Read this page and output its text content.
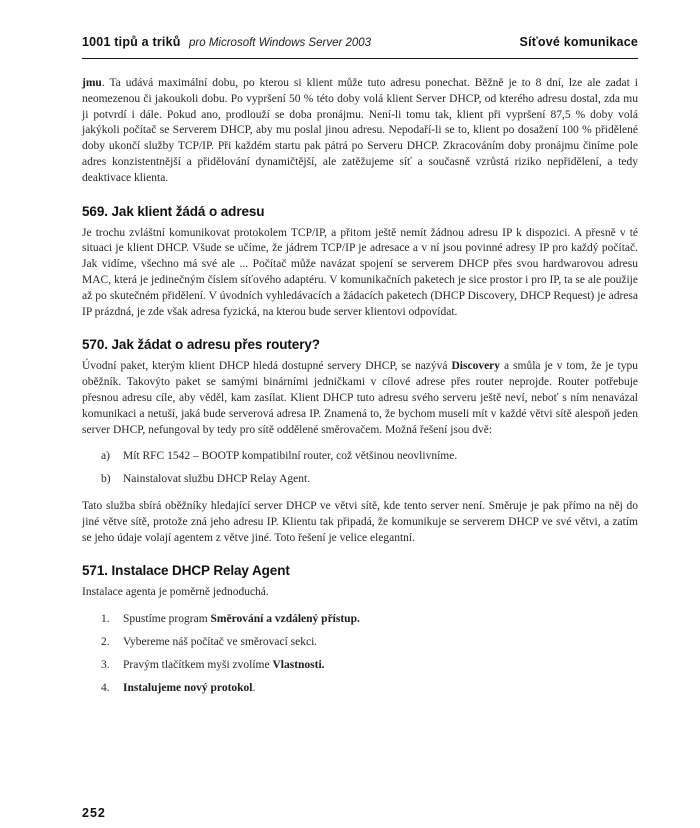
1001 tipů a triků pro Microsoft Windows Server 2003	Síťové komunikace

jmu. Ta udává maximální dobu, po kterou si klient může tuto adresu ponechat. Běžně je to 8 dní, lze ale zadat i neomezenou či jakoukoli dobu. Po vypršení 50 % této doby volá klient Server DHCP, od kterého adresu dostal, zda mu ji potvrdí i dále. Pokud ano, prodlouží se doba pronájmu. Není-li tomu tak, klient při vypršení 87,5 % doby volá jakýkoli počítač se Serverem DHCP, aby mu poslal jinou adresu. Nepodaří-li se to, klient po dosažení 100 % přidělené doby ukončí služby TCP/IP. Při každém startu pak pátrá po Serveru DHCP. Zkracováním doby pronájmu činíme pole adres konzistentnější a přidělování dynamičtější, ale zatěžujeme síť a současně vzrůstá riziko nepřidělení, a tedy deaktivace klienta.

569. Jak klient žádá o adresu

Je trochu zvláštní komunikovat protokolem TCP/IP, a přitom ještě nemít žádnou adresu IP k dispozici. A přesně v té situaci je klient DHCP. Všude se učíme, že jádrem TCP/IP je adresace a v ní jsou povinné adresy IP pro každý počítač. Jak vidíme, všechno má své ale ... Počítač může navázat spojení se serverem DHCP přes svou hardwarovou adresu MAC, která je jedinečným číslem síťového adaptéru. V komunikačních paketech je sice prostor i pro IP, ta se ale použije až po skutečném přidělení. V úvodních vyhledávacích a žádacích paketech (DHCP Discovery, DHCP Request) je adresa IP prázdná, je zde však adresa fyzická, na kterou bude server klientovi odpovídat.

570. Jak žádat o adresu přes routery?

Úvodní paket, kterým klient DHCP hledá dostupné servery DHCP, se nazývá Discovery a smůla je v tom, že je typu oběžník. Takovýto paket se samými binárními jedničkami v cílové adrese přes router neprojde. Router potřebuje přesnou adresu cíle, aby věděl, kam zasílat. Klient DHCP tuto adresu svého serveru ještě neví, neboť s ním nenavázal komunikaci a netuší, jaká bude serverová adresa IP. Znamená to, že bychom museli mít v každé větvi sítě alespoň jeden server DHCP, nefungoval by tedy pro sítě oddělené směrovačem. Možná řešení jsou dvě:

a)	Mít RFC 1542 – BOOTP kompatibilní router, což většinou neovlivníme.
b)	Nainstalovat službu DHCP Relay Agent.

Tato služba sbírá oběžníky hledající server DHCP ve větvi sítě, kde tento server není. Směruje je pak přímo na něj do jiné větve sítě, protože zná jeho adresu IP. Klientu tak připadá, že komunikuje se serverem DHCP ve své větvi, a zatím se jeho údaje volají agentem z větve jiné. Toto řešení je velice elegantní.

571. Instalace DHCP Relay Agent

Instalace agenta je poměrně jednoduchá.

1.	Spustíme program Směrování a vzdálený přístup.
2.	Vybereme náš počítač ve směrovací sekci.
3.	Pravým tlačítkem myši zvolíme Vlastnosti.
4.	Instalujeme nový protokol.
252
